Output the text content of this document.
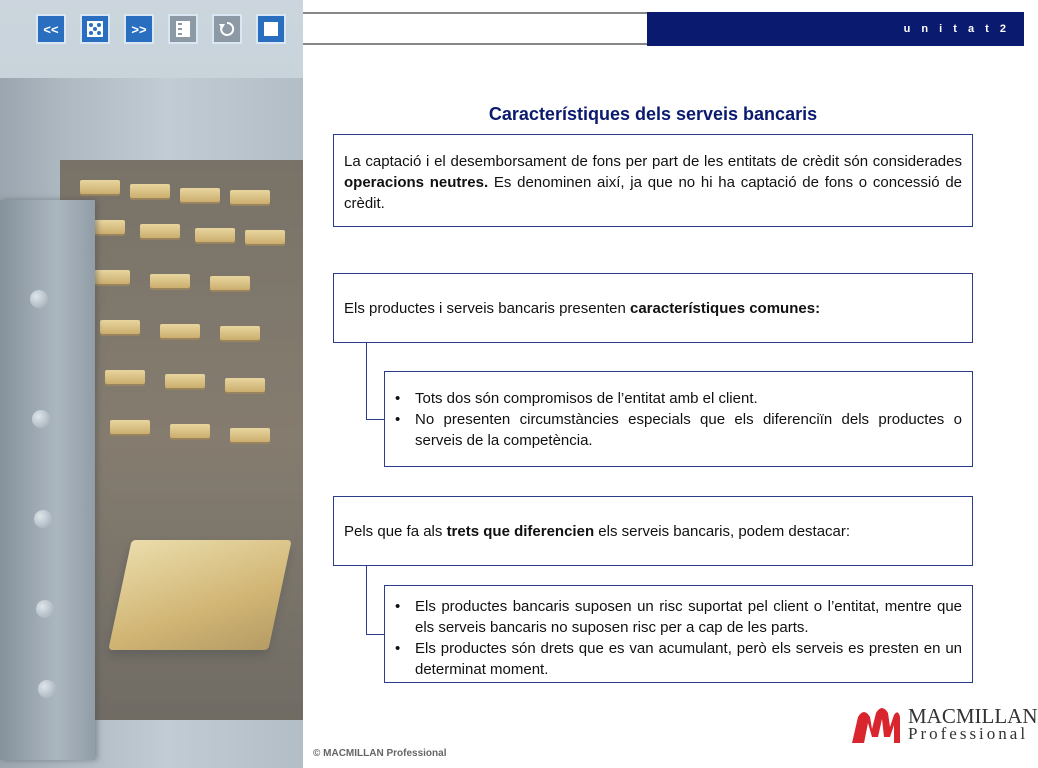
<<	>>	u n i t a t 2
Característiques dels serveis bancaris

La captació i el desemborsament de fons per part de les entitats de crèdit són considerades operacions neutres. Es denominen així, ja que no hi ha captació de fons o concessió de crèdit.

Els productes i serveis bancaris presenten característiques comunes:

• Tots dos són compromisos de l’entitat amb el client.
• No presenten circumstàncies especials que els diferenciïn dels productes o serveis de la competència.

Pels que fa als trets que diferencien els serveis bancaris, podem destacar:

• Els productes bancaris suposen un risc suportat pel client o l’entitat, mentre que els serveis bancaris no suposen risc per a cap de les parts.
• Els productes són drets que es van acumulant, però els serveis es presten en un determinat moment.
© MACMILLAN Professional
MACMILLAN
Professional
